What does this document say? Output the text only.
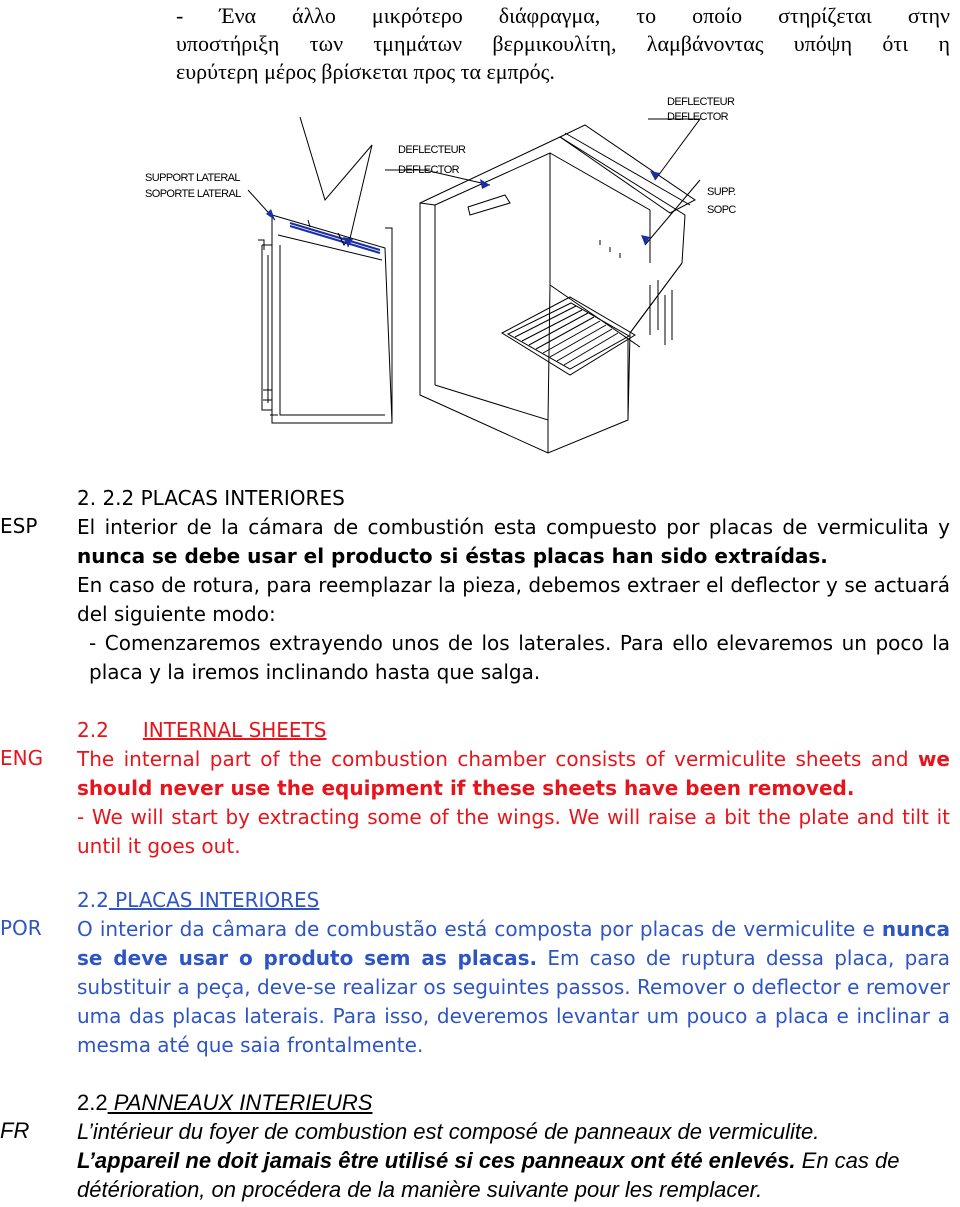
- Ένα άλλο μικρότερο διάφραγμα, το οποίο στηρίζεται στην
υποστήριξη των τμημάτων βερμικουλίτη, λαμβάνοντας υπόψη ότι η
ευρύτερη μέρος βρίσκεται προς τα εμπρός.
SUPPORT LATERAL
SOPORTE LATERAL
DEFLECTEUR
DEFLECTOR
DEFLECTEUR
DEFLECTOR
SUPP.
SOPC
ESP

2. 2.2 PLACAS INTERIORES

El interior de la cámara de combustión esta compuesto por placas de vermiculita y nunca se debe usar el producto si éstas placas han sido extraídas.

En caso de rotura, para reemplazar la pieza, debemos extraer el deflector y se actuará del siguiente modo:

- Comenzaremos extrayendo unos de los laterales. Para ello elevaremos un poco la placa y la iremos inclinando hasta que salga.

ENG

2.2 INTERNAL SHEETS

The internal part of the combustion chamber consists of vermiculite sheets and we should never use the equipment if these sheets have been removed.

- We will start by extracting some of the wings. We will raise a bit the plate and tilt it until it goes out.

POR

2.2 PLACAS INTERIORES

O interior da câmara de combustão está composta por placas de vermiculite e nunca se deve usar o produto sem as placas. Em caso de ruptura dessa placa, para substituir a peça, deve-se realizar os seguintes passos. Remover o deflector e remover uma das placas laterais. Para isso, deveremos levantar um pouco a placa e inclinar a mesma até que saia frontalmente.

FR

2.2 PANNEAUX INTERIEURS

L’intérieur du foyer de combustion est composé de panneaux de vermiculite.

L’appareil ne doit jamais être utilisé si ces panneaux ont été enlevés. En cas de détérioration, on procédera de la manière suivante pour les remplacer.
